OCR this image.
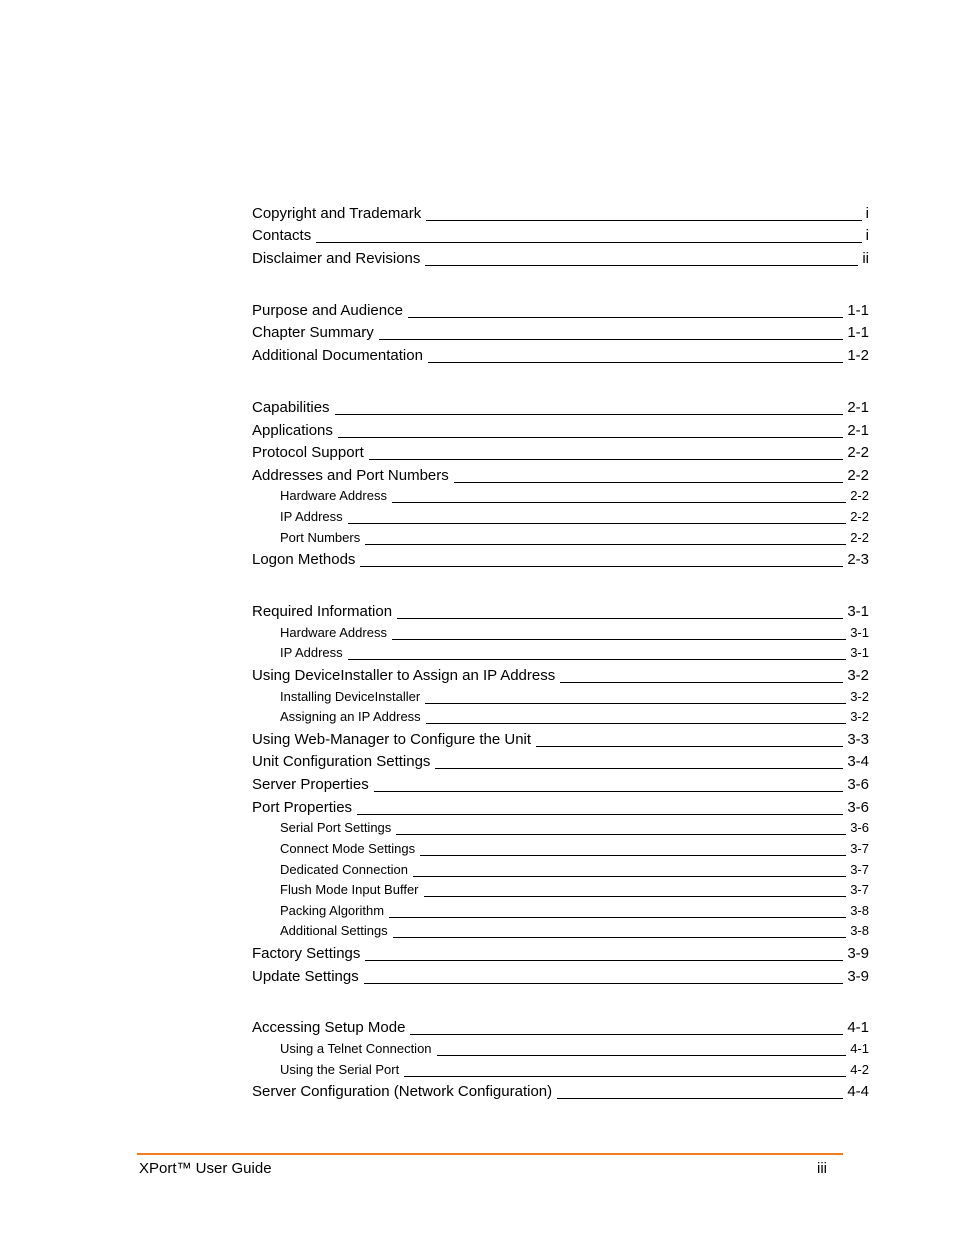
Copyright and Trademark	i
Contacts	i
Disclaimer and Revisions	ii
Purpose and Audience	1-1
Chapter Summary	1-1
Additional Documentation	1-2
Capabilities	2-1
Applications	2-1
Protocol Support	2-2
Addresses and Port Numbers	2-2
Hardware Address	2-2
IP Address	2-2
Port Numbers	2-2
Logon Methods	2-3
Required Information	3-1
Hardware Address	3-1
IP Address	3-1
Using DeviceInstaller to Assign an IP Address	3-2
Installing DeviceInstaller	3-2
Assigning an IP Address	3-2
Using Web-Manager to Configure the Unit	3-3
Unit Configuration Settings	3-4
Server Properties	3-6
Port Properties	3-6
Serial Port Settings	3-6
Connect Mode Settings	3-7
Dedicated Connection	3-7
Flush Mode Input Buffer	3-7
Packing Algorithm	3-8
Additional Settings	3-8
Factory Settings	3-9
Update Settings	3-9
Accessing Setup Mode	4-1
Using a Telnet Connection	4-1
Using the Serial Port	4-2
Server Configuration (Network Configuration)	4-4
XPort™ User Guide	iii
